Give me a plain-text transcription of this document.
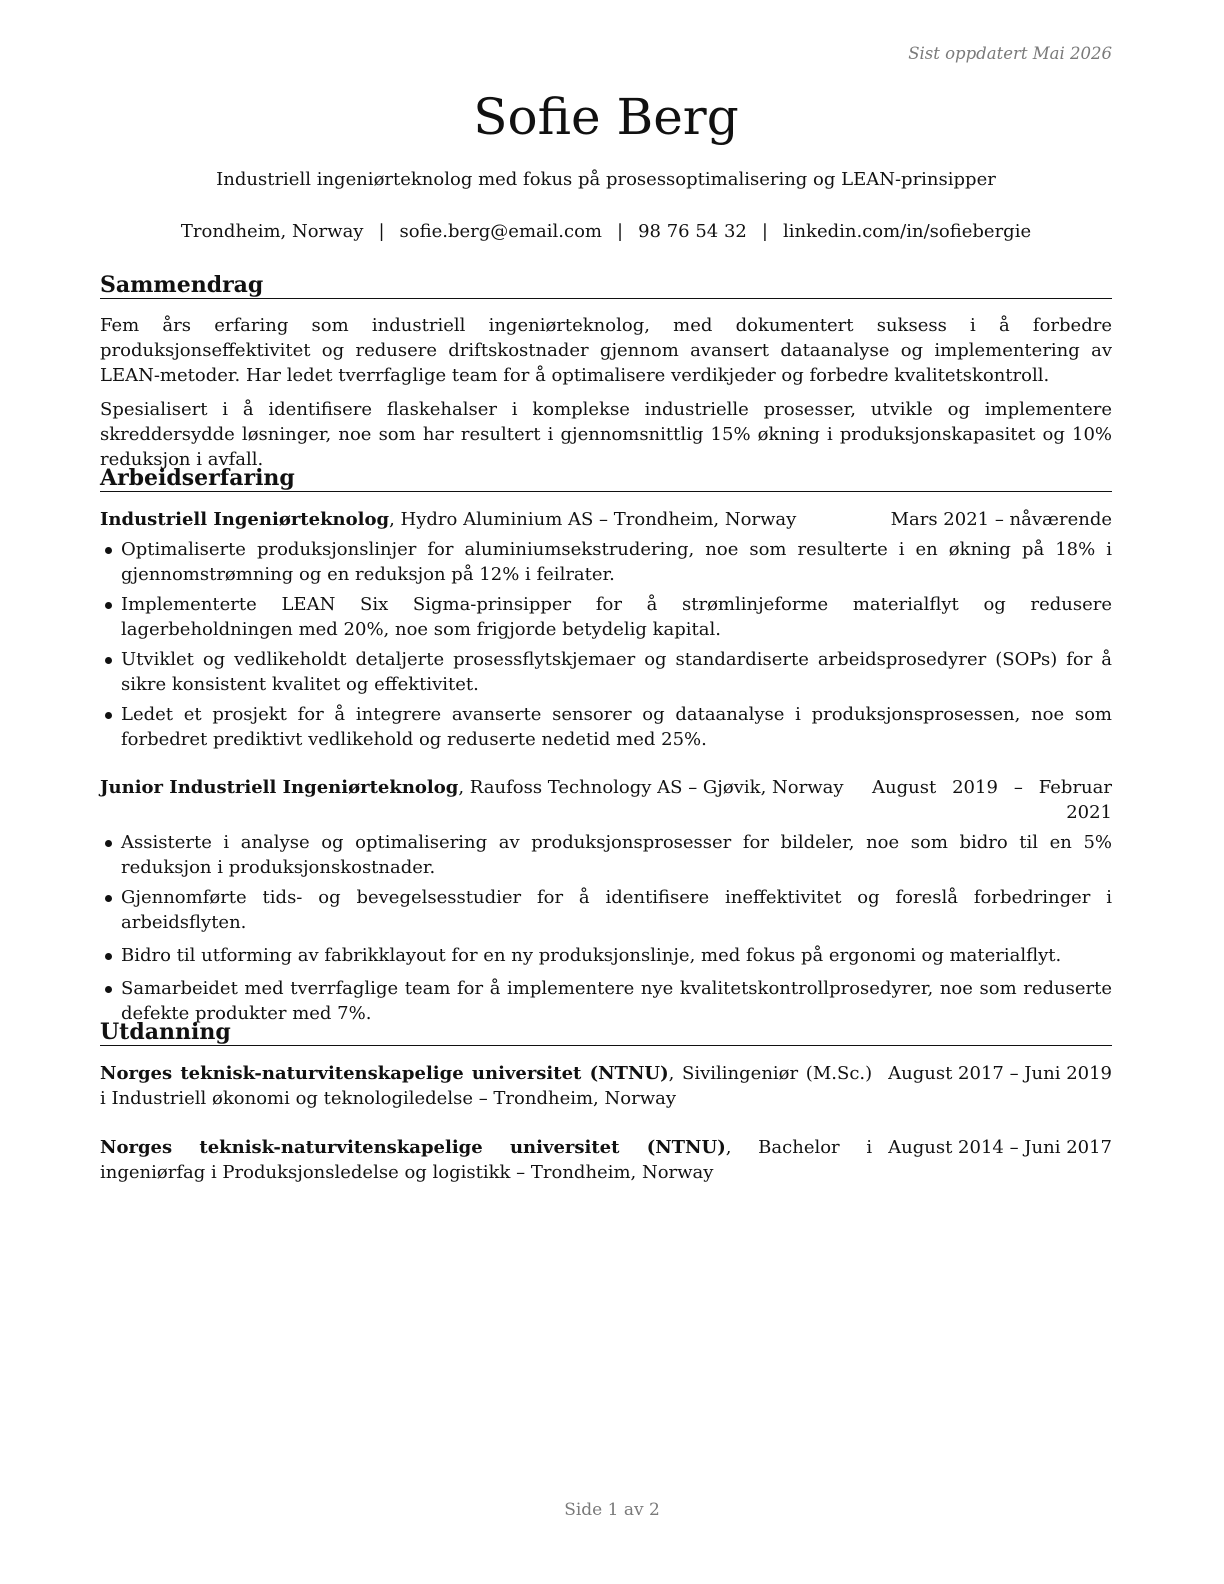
Sist oppdatert Mai 2026
Sofie Berg
Industriell ingeniørteknolog med fokus på prosessoptimalisering og LEAN-prinsipper
Trondheim, Norway | sofie.berg@email.com | 98 76 54 32 | linkedin.com/in/sofiebergie
Sammendrag

Fem års erfaring som industriell ingeniørteknolog, med dokumentert suksess i å forbedre produksjonseffektivitet og redusere driftskostnader gjennom avansert dataanalyse og implementering av LEAN-metoder. Har ledet tverrfaglige team for å optimalisere verdikjeder og forbedre kvalitetskontroll.

Spesialisert i å identifisere flaskehalser i komplekse industrielle prosesser, utvikle og implementere skreddersydde løsninger, noe som har resultert i gjennomsnittlig 15% økning i produksjonskapasitet og 10% reduksjon i avfall.

Arbeidserfaring
Industriell Ingeniørteknolog, Hydro Aluminium AS – Trondheim, Norway	Mars 2021 – nåværende
Optimaliserte produksjonslinjer for aluminiumsekstrudering, noe som resulterte i en økning på 18% i gjennomstrømning og en reduksjon på 12% i feilrater.
Implementerte LEAN Six Sigma-prinsipper for å strømlinjeforme materialflyt og redusere lagerbeholdningen med 20%, noe som frigjorde betydelig kapital.
Utviklet og vedlikeholdt detaljerte prosessflytskjemaer og standardiserte arbeidsprosedyrer (SOPs) for å sikre konsistent kvalitet og effektivitet.
Ledet et prosjekt for å integrere avanserte sensorer og dataanalyse i produksjonsprosessen, noe som forbedret prediktivt vedlikehold og reduserte nedetid med 25%.
Junior Industriell Ingeniørteknolog, Raufoss Technology AS – Gjøvik, Norway	August 2019 – Februar 2021
Assisterte i analyse og optimalisering av produksjonsprosesser for bildeler, noe som bidro til en 5% reduksjon i produksjonskostnader.
Gjennomførte tids- og bevegelsesstudier for å identifisere ineffektivitet og foreslå forbedringer i arbeidsflyten.
Bidro til utforming av fabrikklayout for en ny produksjonslinje, med fokus på ergonomi og materialflyt.
Samarbeidet med tverrfaglige team for å implementere nye kvalitetskontrollprosedyrer, noe som reduserte defekte produkter med 7%.
Utdanning
Norges teknisk-naturvitenskapelige universitet (NTNU), Sivilingeniør (M.Sc.) i Industriell økonomi og teknologiledelse – Trondheim, Norway
August 2017 – Juni 2019
Norges teknisk-naturvitenskapelige universitet (NTNU), Bachelor i ingeniørfag i Produksjonsledelse og logistikk – Trondheim, Norway
August 2014 – Juni 2017
Side 1 av 2
